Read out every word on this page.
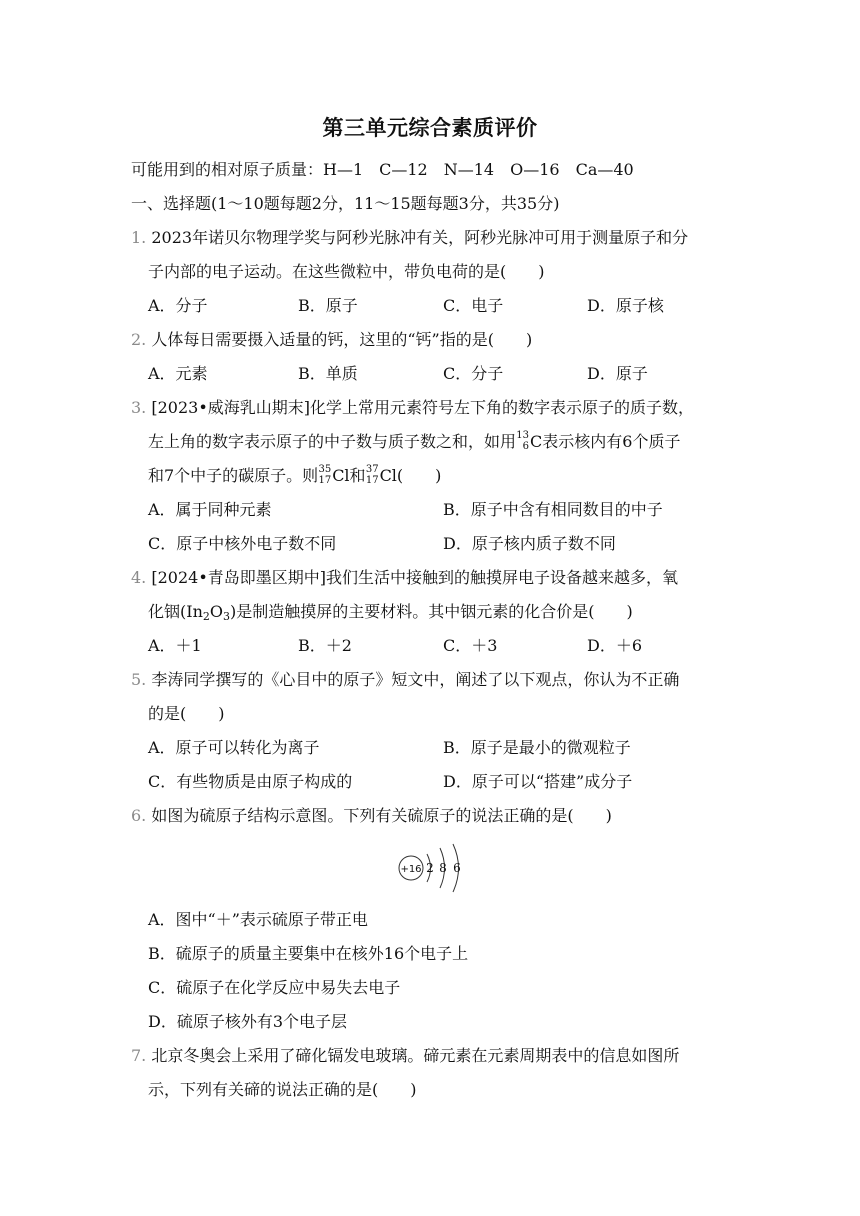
第三单元综合素质评价
可能用到的相对原子质量：H—1　C—12　N—14　O—16　Ca—40
一、选择题(1～10题每题2分，11～15题每题3分，共35分)
1. 2023年诺贝尔物理学奖与阿秒光脉冲有关，阿秒光脉冲可用于测量原子和分
子内部的电子运动。在这些微粒中，带负电荷的是(　　)
A．分子	B．原子	C．电子	D．原子核
2. 人体每日需要摄入适量的钙，这里的“钙”指的是(　　)
A．元素	B．单质	C．分子	D．原子
3. [2023•威海乳山期末]化学上常用元素符号左下角的数字表示原子的质子数，
左上角的数字表示原子的中子数与质子数之和，如用 13
6 C表示核内有6个质子
和7个中子的碳原子。则 35
17 Cl和 37
17 Cl(　　)
A．属于同种元素	B．原子中含有相同数目的中子
C．原子中核外电子数不同	D．原子核内质子数不同
4. [2024•青岛即墨区期中]我们生活中接触到的触摸屏电子设备越来越多，氧
化铟$(In_2O_3)$是制造触摸屏的主要材料。其中铟元素的化合价是(　　)
A．＋1	B．＋2	C．＋3	D．＋6
5. 李涛同学撰写的《心目中的原子》短文中，阐述了以下观点，你认为不正确
的是(　　)
A．原子可以转化为离子	B．原子是最小的微观粒子
C．有些物质是由原子构成的	D．原子可以“搭建”成分子
6. 如图为硫原子结构示意图。下列有关硫原子的说法正确的是(　　)
+16 2 8 6
A．图中“＋”表示硫原子带正电
B．硫原子的质量主要集中在核外16个电子上
C．硫原子在化学反应中易失去电子
D．硫原子核外有3个电子层
7. 北京冬奥会上采用了碲化镉发电玻璃。碲元素在元素周期表中的信息如图所
示，下列有关碲的说法正确的是(　　)
